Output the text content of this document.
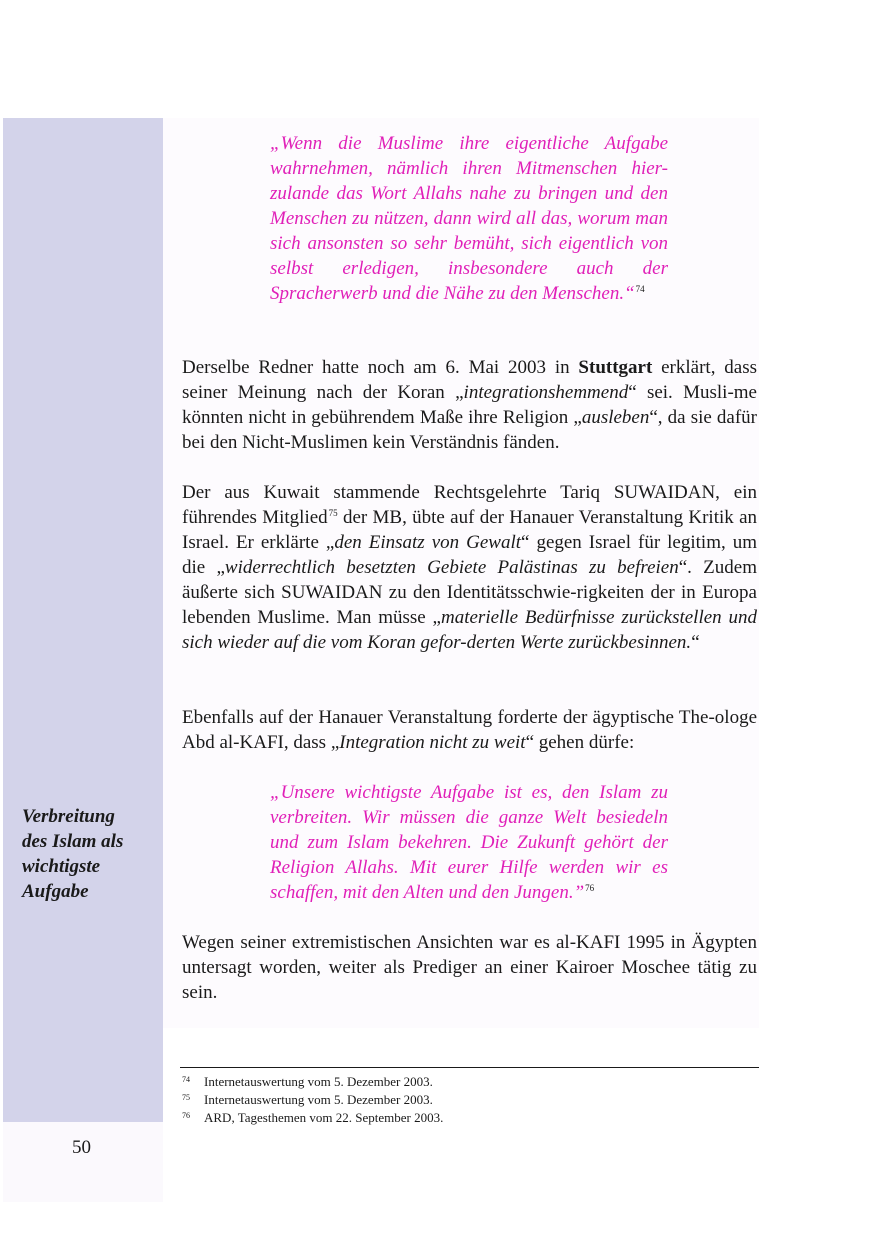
Verbreitung
des Islam als
wichtigste
Aufgabe

„Wenn die Muslime ihre eigentliche Aufgabe wahrnehmen, nämlich ihren Mitmenschen hier-zulande das Wort Allahs nahe zu bringen und den Menschen zu nützen, dann wird all das, worum man sich ansonsten so sehr bemüht, sich eigentlich von selbst erledigen, insbesondere auch der Spracherwerb und die Nähe zu den Menschen.“$^{74}$

Derselbe Redner hatte noch am 6. Mai 2003 in Stuttgart erklärt, dass seiner Meinung nach der Koran „integrationshemmend“ sei. Musli-me könnten nicht in gebührendem Maße ihre Religion „ausleben“, da sie dafür bei den Nicht-Muslimen kein Verständnis fänden.

Der aus Kuwait stammende Rechtsgelehrte Tariq SUWAIDAN, ein führendes Mitglied$^{75}$ der MB, übte auf der Hanauer Veranstaltung Kritik an Israel. Er erklärte „den Einsatz von Gewalt“ gegen Israel für legitim, um die „widerrechtlich besetzten Gebiete Palästinas zu befreien“. Zudem äußerte sich SUWAIDAN zu den Identitätsschwie-rigkeiten der in Europa lebenden Muslime. Man müsse „materielle Bedürfnisse zurückstellen und sich wieder auf die vom Koran gefor-derten Werte zurückbesinnen.“

Ebenfalls auf der Hanauer Veranstaltung forderte der ägyptische The-ologe Abd al-KAFI, dass „Integration nicht zu weit“ gehen dürfe:

„Unsere wichtigste Aufgabe ist es, den Islam zu verbreiten. Wir müssen die ganze Welt besiedeln und zum Islam bekehren. Die Zukunft gehört der Religion Allahs. Mit eurer Hilfe werden wir es schaffen, mit den Alten und den Jungen.”$^{76}$

Wegen seiner extremistischen Ansichten war es al-KAFI 1995 in Ägypten untersagt worden, weiter als Prediger an einer Kairoer Moschee tätig zu sein.

74	Internetauswertung vom 5. Dezember 2003.
75	Internetauswertung vom 5. Dezember 2003.
76	ARD, Tagesthemen vom 22. September 2003.
50
